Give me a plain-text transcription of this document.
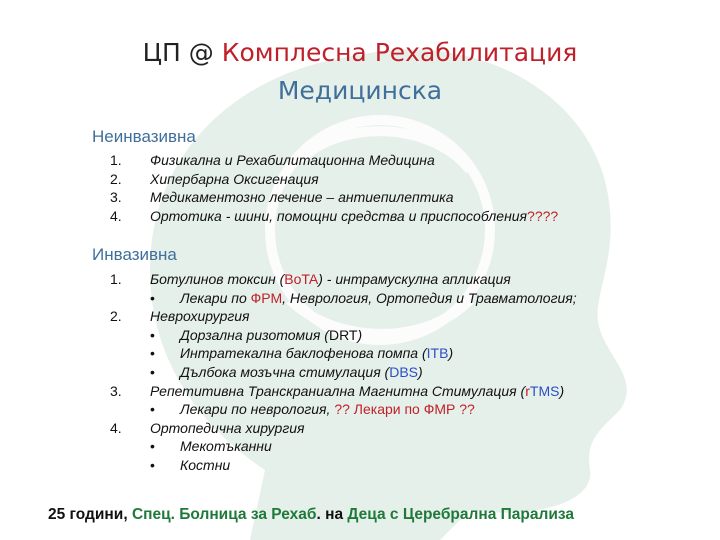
ЦП @ Комплесна Рехабилитация
Медицинска
Неинвазивна
1.	Физикална и Рехабилитационна Медицина
2.	Хипербарна Оксигенация
3.	Медикаментозно лечение – антиепилептика
4.	Ортотика - шини, помощни средства и приспособления ????
Инвазивна
1.	Ботулинов токсин (BoTA) - интрамускулна апликация
•	Лекари по ФРМ, Неврология, Ортопедия и Травматология;
2.	Неврохирургия
•	Дорзална ризотомия (DRT)
•	Интратекална баклофенова помпа (ITB)
•	Дълбока мозъчна стимулация (DBS)
3.	Репетитивна Транскраниална Магнитна Стимулация (rTMS)
•	Лекари по неврология, ?? Лекари по ФМР ??
4.	Ортопедична хирургия
•	Мекотъканни
•	Костни
25 години, Спец. Болница за Рехаб. на Деца с Церебрална Парализа
